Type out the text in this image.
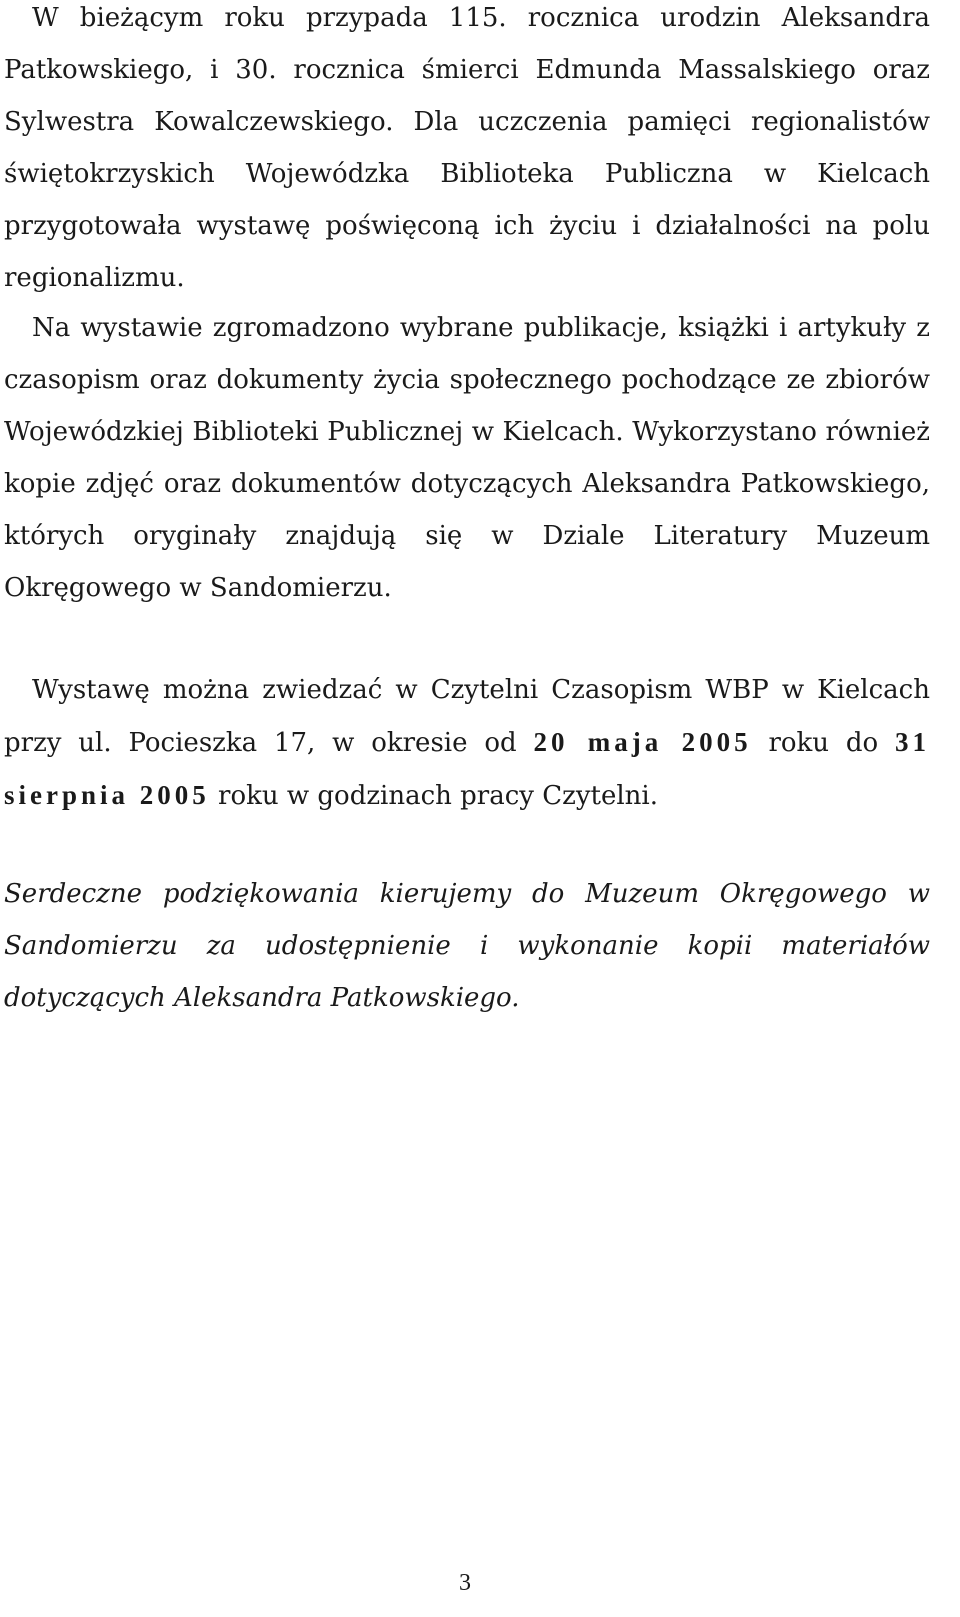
W bieżącym roku przypada 115. rocznica urodzin Aleksandra Patkowskiego, i 30. rocznica śmierci Edmunda Massalskiego oraz Sylwestra Kowalczewskiego. Dla uczczenia pamięci regionalistów świętokrzyskich Wojewódzka Biblioteka Publiczna w Kielcach przygotowała wystawę poświęconą ich życiu i działalności na polu regionalizmu.

Na wystawie zgromadzono wybrane publikacje, książki i artykuły z czasopism oraz dokumenty życia społecznego pochodzące ze zbiorów Wojewódzkiej Biblioteki Publicznej w Kielcach. Wykorzystano również kopie zdjęć oraz dokumentów dotyczących Aleksandra Patkowskiego, których oryginały znajdują się w Dziale Literatury Muzeum Okręgowego w Sandomierzu.

Wystawę można zwiedzać w Czytelni Czasopism WBP w Kielcach przy ul. Pocieszka 17, w okresie od 20 maja 2005 roku do 31 sierpnia 2005 roku w godzinach pracy Czytelni.

Serdeczne podziękowania kierujemy do Muzeum Okręgowego w Sandomierzu za udostępnienie i wykonanie kopii materiałów dotyczących Aleksandra Patkowskiego.

3
